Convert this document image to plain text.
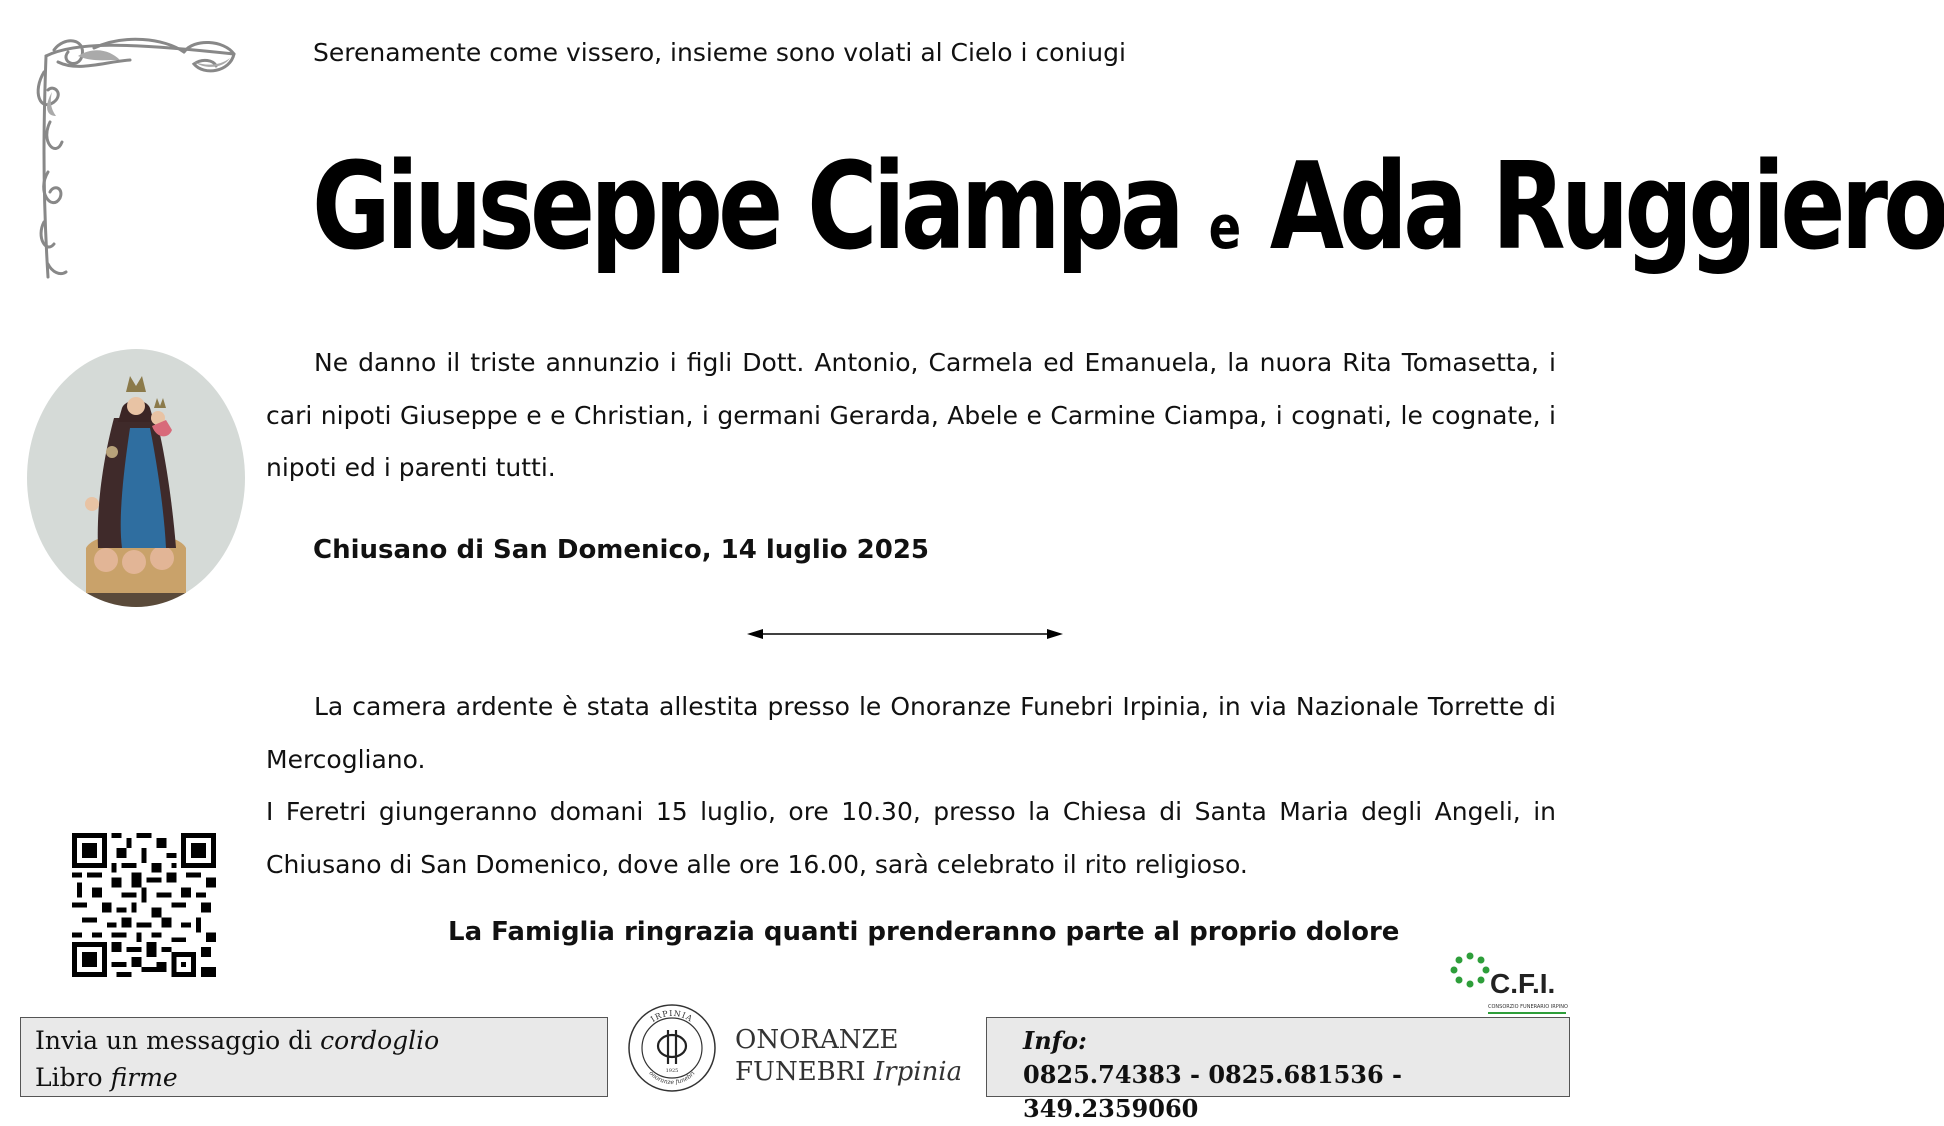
Serenamente come vissero, insieme sono volati al Cielo i coniugi
Giuseppe Ciampa e Ada Ruggiero
Ne danno il triste annunzio i figli Dott. Antonio, Carmela ed Emanuela, la nuora Rita Tomasetta, i cari nipoti Giuseppe e e Christian, i germani Gerarda, Abele e Carmine Ciampa, i cognati, le cognate, i nipoti ed i parenti tutti.
Chiusano di San Domenico, 14 luglio 2025
La camera ardente è stata allestita presso le Onoranze Funebri Irpinia, in via Nazionale Torrette di Mercogliano.
I Feretri giungeranno domani 15 luglio, ore 10.30, presso la Chiesa di Santa Maria degli Angeli, in Chiusano di San Domenico, dove alle ore 16.00, sarà celebrato il rito religioso.
La Famiglia ringrazia quanti prenderanno parte al proprio dolore
C.F.I.
CONSORZIO FUNERARIO IRPINO
Invia un messaggio di cordoglio
Libro firme
IRPINIA
onoranze funebri
1925
ONORANZE
FUNEBRI Irpinia
Info:
0825.74383 - 0825.681536 - 349.2359060
